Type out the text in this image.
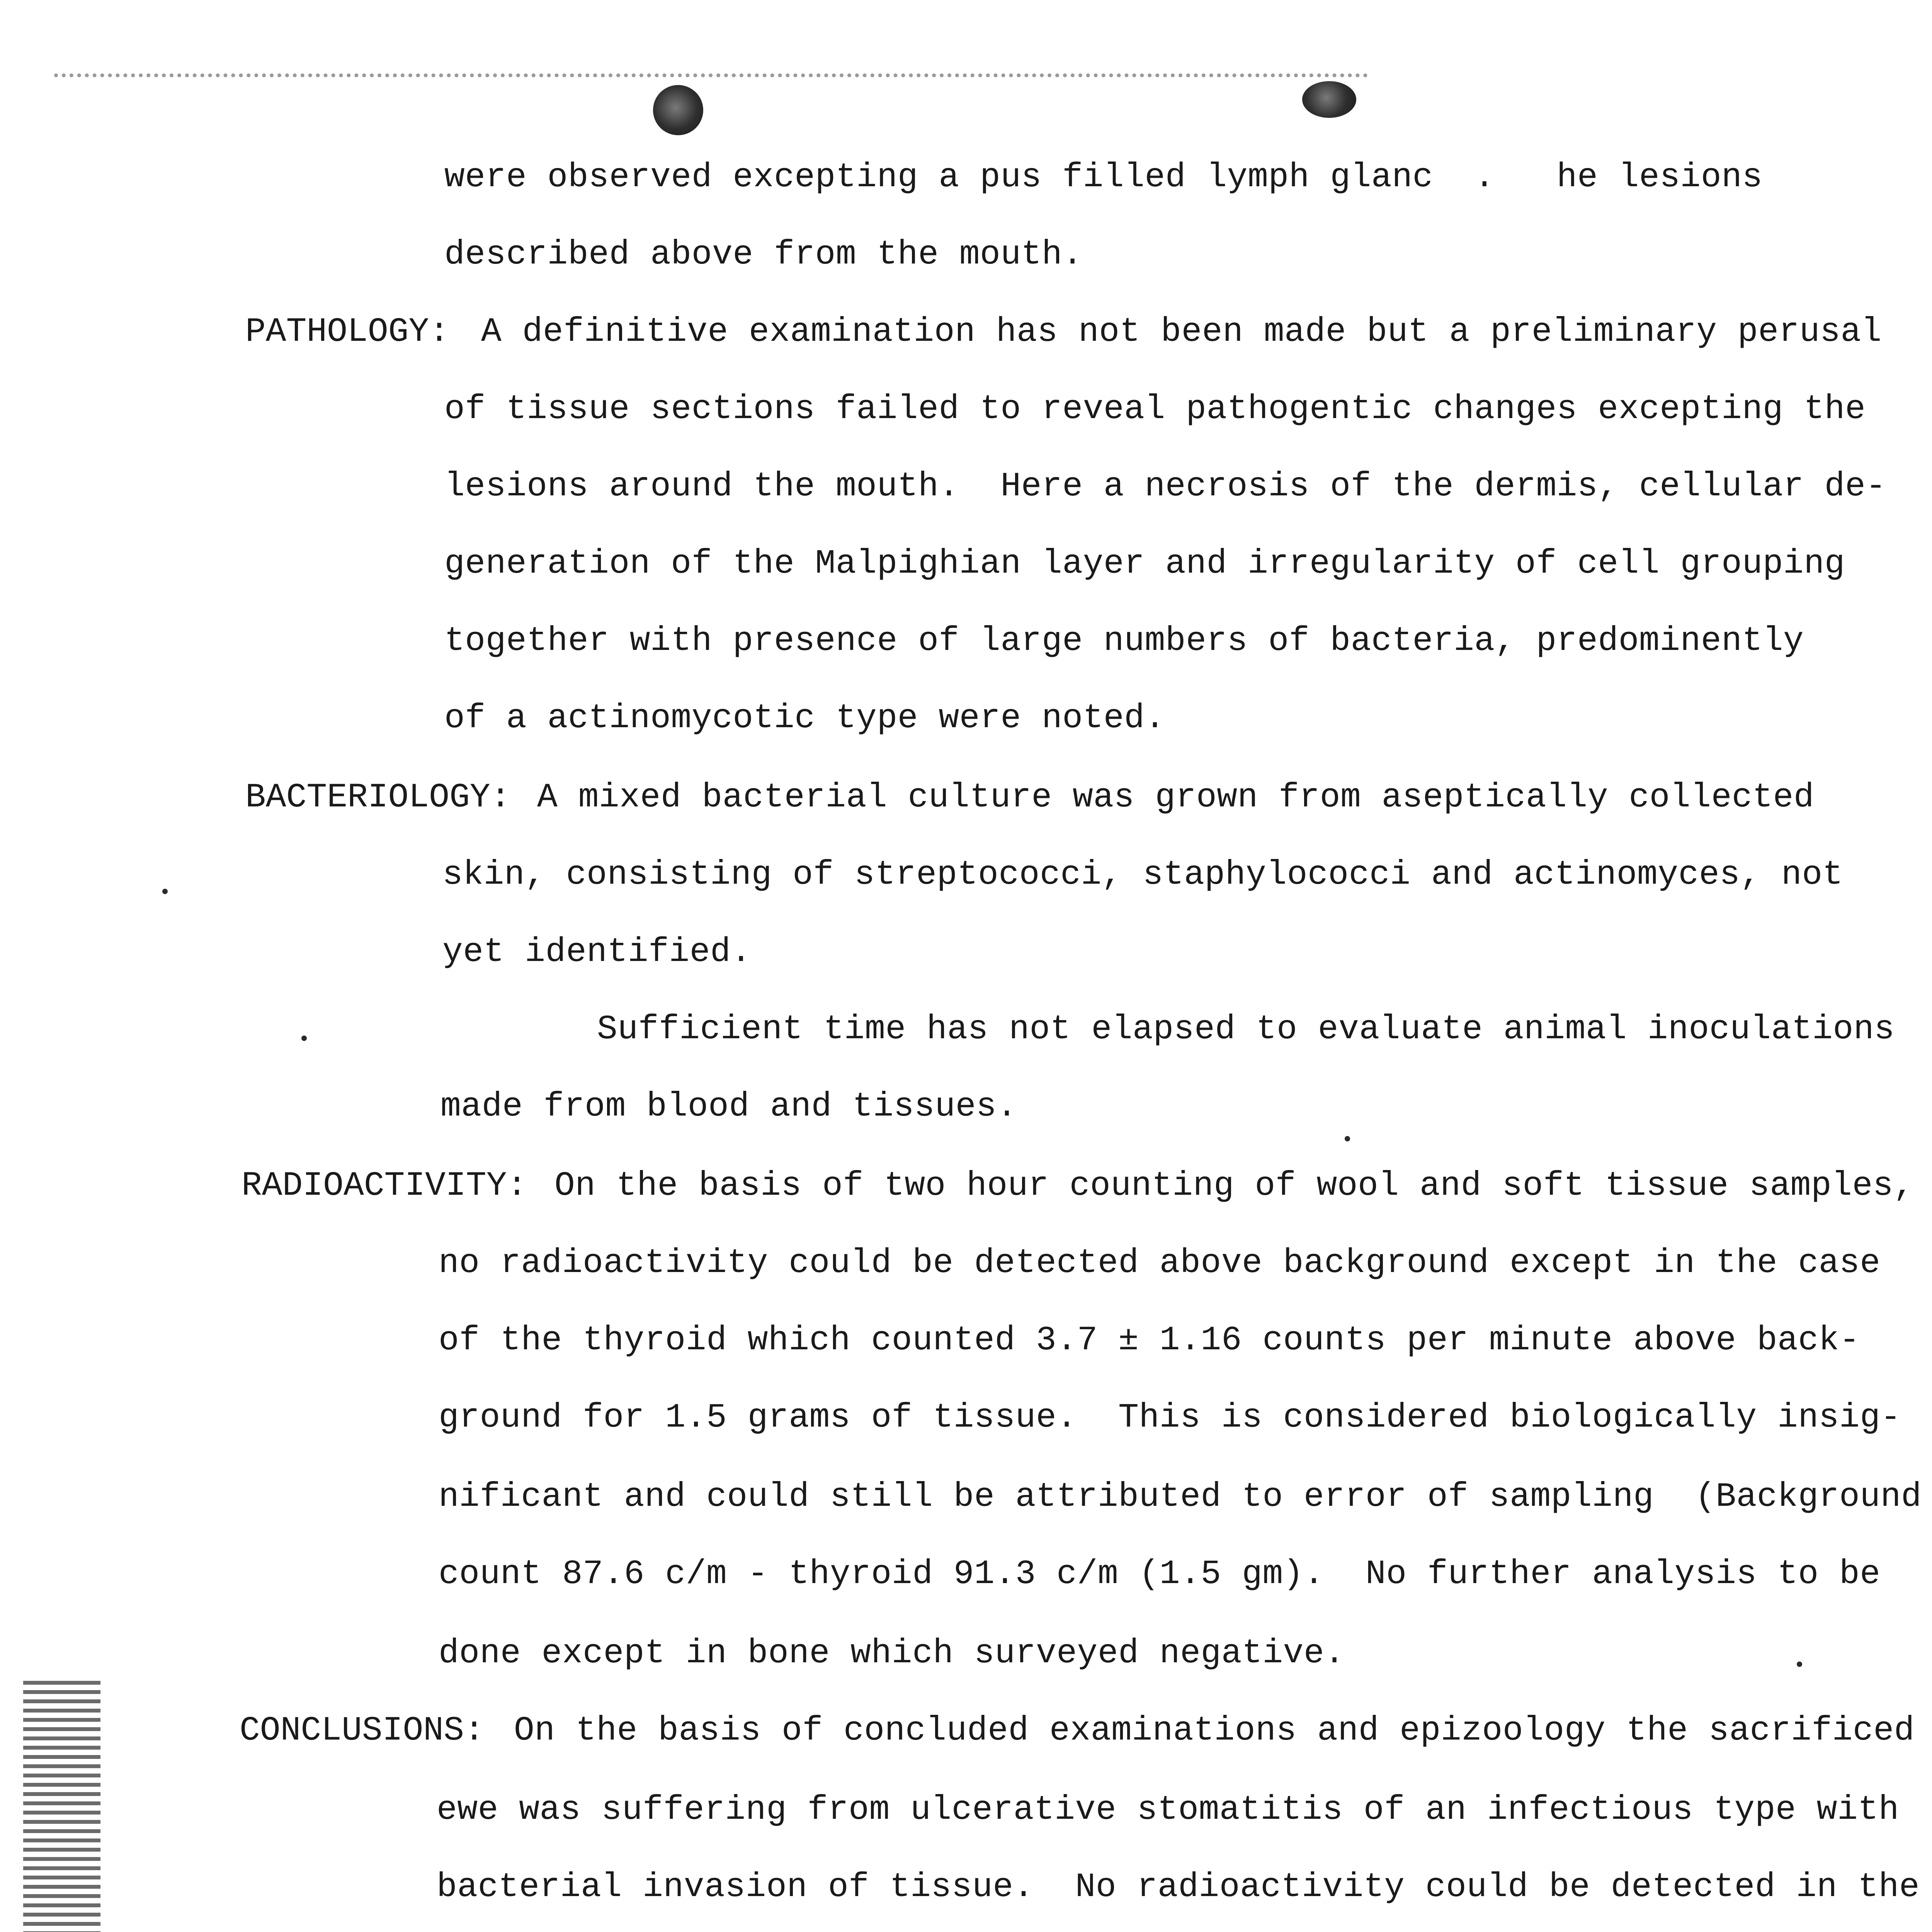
were observed excepting a pus filled lymph glanc  .   he lesions
described above from the mouth.
PATHOLOGY: A definitive examination has not been made but a preliminary perusal
of tissue sections failed to reveal pathogentic changes excepting the
lesions around the mouth.  Here a necrosis of the dermis, cellular de-
generation of the Malpighian layer and irregularity of cell grouping
together with presence of large numbers of bacteria, predominently
of a actinomycotic type were noted.
BACTERIOLOGY: A mixed bacterial culture was grown from aseptically collected
skin, consisting of streptococci, staphylococci and actinomyces, not
yet identified.
Sufficient time has not elapsed to evaluate animal inoculations
made from blood and tissues.
RADIOACTIVITY: On the basis of two hour counting of wool and soft tissue samples,
no radioactivity could be detected above background except in the case
of the thyroid which counted 3.7 ± 1.16 counts per minute above back-
ground for 1.5 grams of tissue.  This is considered biologically insig-
nificant and could still be attributed to error of sampling  (Background
count 87.6 c/m - thyroid 91.3 c/m (1.5 gm).  No further analysis to be
done except in bone which surveyed negative.
CONCLUSIONS: On the basis of concluded examinations and epizoology the sacrificed
ewe was suffering from ulcerative stomatitis of an infectious type with
bacterial invasion of tissue.  No radioactivity could be detected in the
